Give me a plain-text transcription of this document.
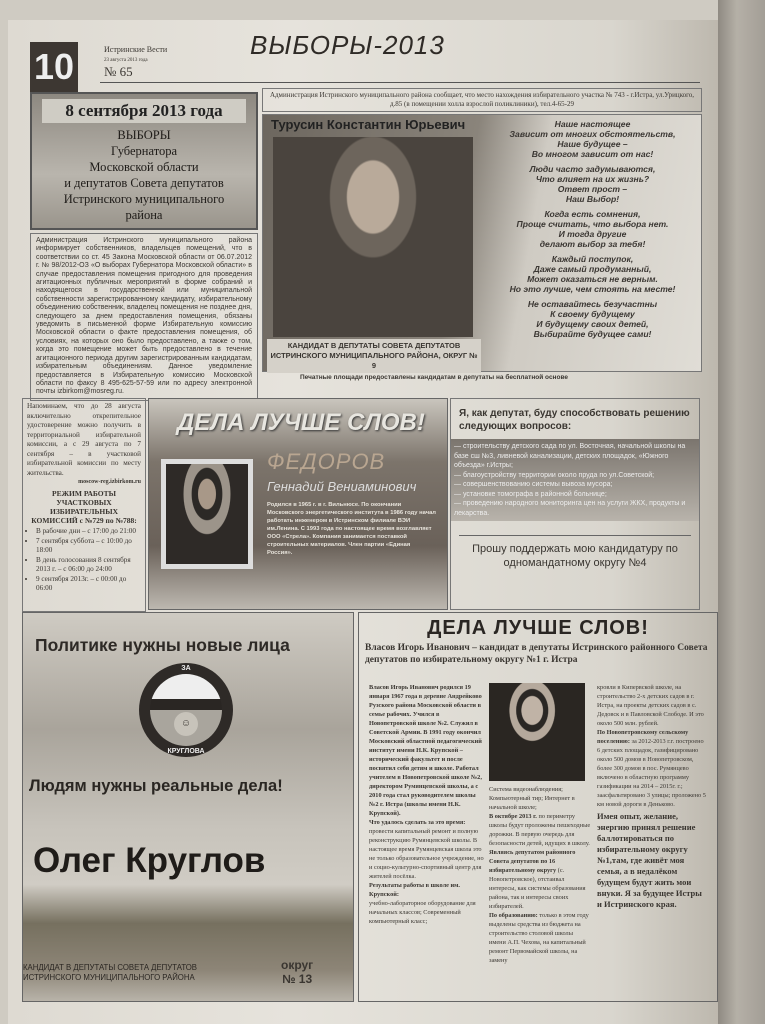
10	Истринские Вести
23 августа 2013 года
№ 65
ВЫБОРЫ-2013
Администрация Истринского муниципального района сообщает, что место нахождения избирательного участка № 743 - г.Истра, ул.Урицкого, д.85 (в помещении холла взрослой поликлиники), тел.4-65-29
8 сентября 2013 года

ВЫБОРЫ

Губернатора

Московской области

и депутатов Совета депутатов

Истринского муниципального

района

Администрация Истринского муниципального района информирует собственников, владельцев помещений, что в соответствии со ст. 45 Закона Московской области от 06.07.2012 г. № 98/2012-ОЗ «О выборах Губернатора Московской области» в случае предоставления помещения пригодного для проведения агитационных публичных мероприятий в форме собраний и находящегося в государственной или муниципальной собственности зарегистрированному кандидату, избирательному объединению собственник, владелец помещения не позднее дня, следующего за днем предоставления помещения, обязаны уведомить в письменной форме Избирательную комиссию Московской области о факте предоставления помещения, об условиях, на которых оно было предоставлено, а также о том, когда это помещение может быть предоставлено в течение агитационного периода другим зарегистрированным кандидатам, избирательным объединениям. Данное уведомление предоставляется в Избирательную комиссию Московской области по факсу 8 495-625-57-59 или по адресу электронной почты izbirkom@mosreg.ru.
Турусин Константин Юрьевич	Наше настоящее
Зависит от многих обстоятельств,
Наше будущее –
Во многом зависит от нас!
Люди часто задумываются,
Что влияет на их жизнь?
Ответ прост –
Наш Выбор!
Когда есть сомнения,
Проще считать, что выбора нет.
И тогда другие
делают выбор за тебя!
Каждый поступок,
Даже самый продуманный,
Может оказаться не верным.
Но это лучше, чем стоять на месте!
Не оставайтесь безучастны
К своему будущему
И будущему своих детей,
Выбирайте будущее сами!
КАНДИДАТ В ДЕПУТАТЫ СОВЕТА ДЕПУТАТОВ ИСТРИНСКОГО МУНИЦИПАЛЬНОГО РАЙОНА, ОКРУГ № 9
Печатные площади предоставлены кандидатам в депутаты на бесплатной основе
Напоминаем, что до 28 августа включительно открепительное удостоверение можно получить в территориальной избирательной комиссии, а с 29 августа по 7 сентября – в участковой избирательной комиссии по месту жительства.
moscow-reg.izbirkom.ru
РЕЖИМ РАБОТЫ УЧАСТКОВЫХ ИЗБИРАТЕЛЬНЫХ КОМИССИЙ с №729 по №788:
• В рабочие дни – с 17:00 до 21:00
• 7 сентября суббота – с 10:00 до 18:00
• В день голосования 8 сентября 2013 г. – с 06:00 до 24:00
• 9 сентября 2013г. – с 00:00 до 06:00
ДЕЛА ЛУЧШЕ СЛОВ!
ФЕДОРОВ
Геннадий Вениаминович
Родился в 1965 г. в г. Вильнюсе. По окончании Московского энергетического института в 1986 году начал работать инженером в Истринском филиале ВЭИ им.Ленина. С 1993 года по настоящее время возглавляет ООО «Стрела». Компания занимается поставкой строительных материалов. Член партии «Единая Россия».
Я, как депутат, буду способствовать решению следующих вопросов:
— строительству детского сада по ул. Восточная, начальной школы на базе сш №3, ливневой канализации, детских площадок, «Южного объезда» г.Истры;
— благоустройству территории около пруда по ул.Советской;
— совершенствованию системы вывоза мусора;
— установке томографа в районной больнице;
— проведению народного мониторинга цен на услуги ЖКХ, продукты и лекарства.
Прошу поддержать мою кандидатуру по одномандатному округу №4
Политике нужны новые лица
☺
ЗА
КРУГЛОВА
Людям нужны реальные дела!
Олег Круглов
КАНДИДАТ В ДЕПУТАТЫ СОВЕТА ДЕПУТАТОВ ИСТРИНСКОГО МУНИЦИПАЛЬНОГО РАЙОНА
округ
№ 13
ДЕЛА ЛУЧШЕ СЛОВ!
Власов Игорь Иванович – кандидат в депутаты Истринского районного Совета депутатов по избирательному округу №1 г. Истра
Власов Игорь Иванович родился 19 января 1967 года в деревне Андрейково Рузского района Московской области в семье рабочих. Учился в Новопетровской школе №2. Служил в Советской Армии. В 1991 году окончил Московский областной педагогический институт имени Н.К. Крупской – исторический факультет и после посвятил себя детям и школе. Работал учителем в Новопетровской школе №2, директором Румянцевской школы, а с 2010 года стал руководителем школы №2 г. Истра (школы имени Н.К. Крупской).
Что удалось сделать за это время:
провести капитальный ремонт и полную реконструкцию Румянцевской школы. В настоящее время Румянцевская школа это не только образовательное учреждение, но и социо-культурно-спортивный центр для жителей посёлка.
Результаты работы в школе им. Крупской:
учебно-лабораторное оборудование для начальных классов; Современный компьютерный класс;
Система видеонаблюдения; Компьютерный тир; Интернет в начальной школе;
В октябре 2013 г. по периметру школы будут проложены пешеходные дорожки. В первую очередь для безопасности детей, идущих в школу.
Являясь депутатом районного Совета депутатов по 16 избирательному округу (с. Новопетровское), отстаивал интересы, как системы образования района, так и интересы своих избирателей.
По образованию: только в этом году выделены средства из бюджета на строительство столовой школы имени А.П. Чехова, на капитальный ремонт Первомайской школы, на замену
кровли в Кипервской школе, на строительство 2-х детских садов в г. Истра, на проекты детских садов в с. Дедовск и в Павловской Слободе. И это около 500 млн. рублей.
По Новопетровскому сельскому поселению: за 2012-2013 г.г. построено 6 детских площадок, газифицировано около 500 домов в Новопетровском, более 300 домов в пос. Румянцево включено в областную программу газификации на 2014 – 2015г. г.; заасфальтировано 3 улицы; проложено 5 км новой дороги в Деньково.

Имея опыт, желание, энергию принял решение баллотироваться по избирательному округу №1,там, где живёт моя семья, а в недалёком будущем будут жить мои внуки. Я за будущее Истры и Истринского края.
